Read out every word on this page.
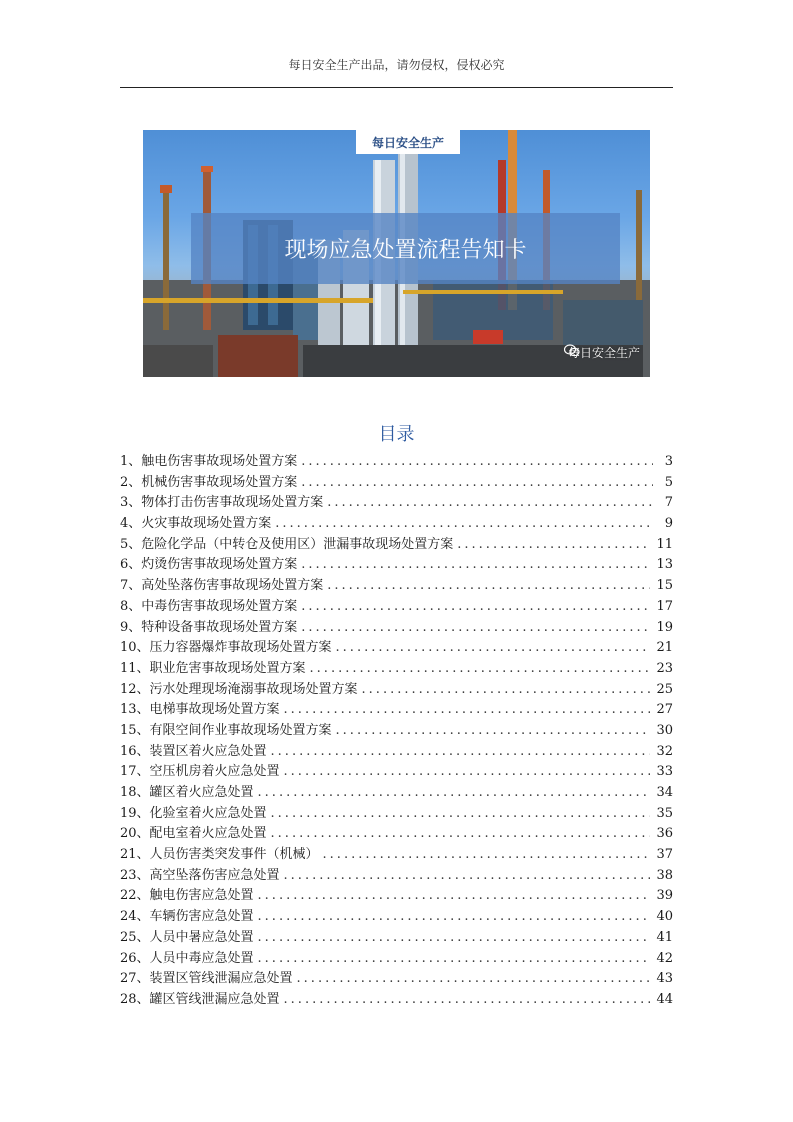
每日安全生产出品，请勿侵权，侵权必究
每日安全生产
现场应急处置流程告知卡
每日安全生产
目录
1、触电伤害事故现场处置方案 .....	3
2、机械伤害事故现场处置方案 .....	5
3、物体打击伤害事故现场处置方案 .....	7
4、火灾事故现场处置方案 .....	9
5、危险化学品（中转仓及使用区）泄漏事故现场处置方案 .....	11
6、灼烫伤害事故现场处置方案 .....	13
7、高处坠落伤害事故现场处置方案 .....	15
8、中毒伤害事故现场处置方案 .....	17
9、特种设备事故现场处置方案 .....	19
10、压力容器爆炸事故现场处置方案 .....	21
11、职业危害事故现场处置方案 .....	23
12、污水处理现场淹溺事故现场处置方案 .....	25
13、电梯事故现场处置方案 .....	27
15、有限空间作业事故现场处置方案 .....	30
16、装置区着火应急处置 .....	32
17、空压机房着火应急处置 .....	33
18、罐区着火应急处置 .....	34
19、化验室着火应急处置 .....	35
20、配电室着火应急处置 .....	36
21、人员伤害类突发事件（机械） .....	37
23、高空坠落伤害应急处置 .....	38
22、触电伤害应急处置 .....	39
24、车辆伤害应急处置 .....	40
25、人员中暑应急处置 .....	41
26、人员中毒应急处置 .....	42
27、装置区管线泄漏应急处置 .....	43
28、罐区管线泄漏应急处置 .....	44
